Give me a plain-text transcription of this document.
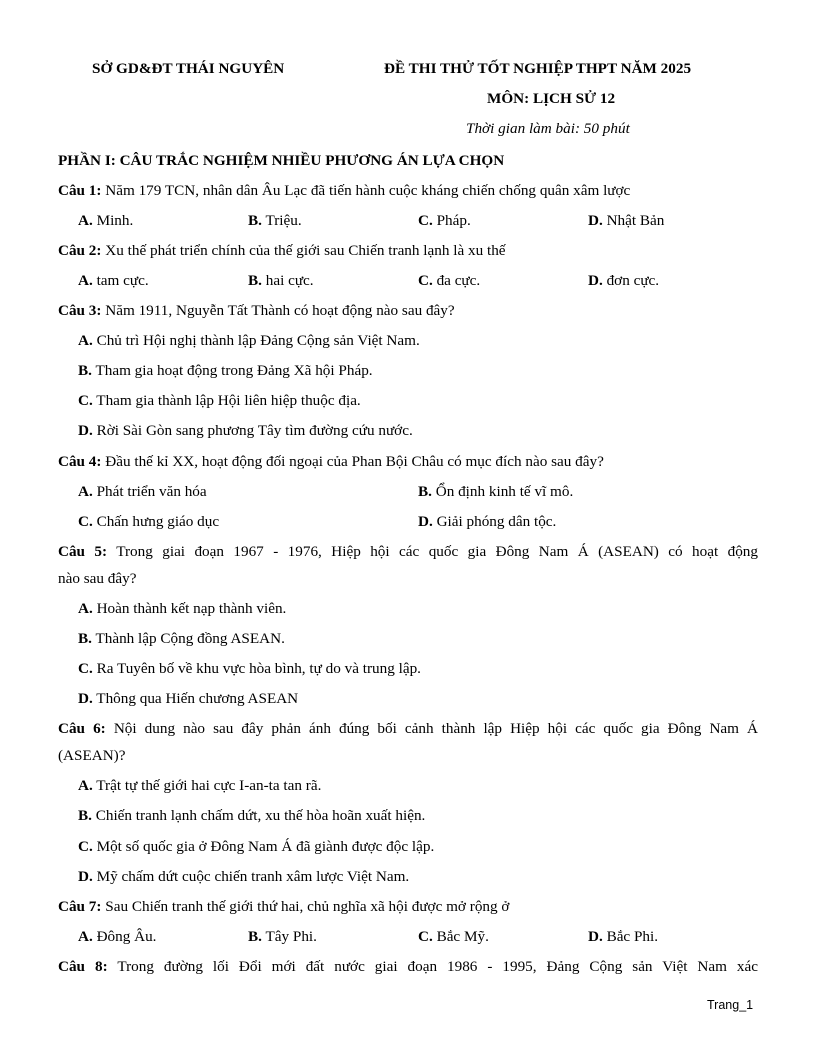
SỞ GD&ĐT THÁI NGUYÊN	ĐỀ THI THỬ TỐT NGHIỆP THPT NĂM 2025
MÔN: LỊCH SỬ 12
Thời gian làm bài: 50 phút
PHẦN I: CÂU TRẮC NGHIỆM NHIỀU PHƯƠNG ÁN LỰA CHỌN
Câu 1: Năm 179 TCN, nhân dân Âu Lạc đã tiến hành cuộc kháng chiến chống quân xâm lược
A. Minh.	B. Triệu.	C. Pháp.	D. Nhật Bản
Câu 2: Xu thế phát triển chính của thế giới sau Chiến tranh lạnh là xu thế
A. tam cực.	B. hai cực.	C. đa cực.	D. đơn cực.
Câu 3: Năm 1911, Nguyễn Tất Thành có hoạt động nào sau đây?
A. Chủ trì Hội nghị thành lập Đảng Cộng sản Việt Nam.
B. Tham gia hoạt động trong Đảng Xã hội Pháp.
C. Tham gia thành lập Hội liên hiệp thuộc địa.
D. Rời Sài Gòn sang phương Tây tìm đường cứu nước.
Câu 4: Đầu thế kỉ XX, hoạt động đối ngoại của Phan Bội Châu có mục đích nào sau đây?
A. Phát triển văn hóa	B. Ổn định kinh tế vĩ mô.
C. Chấn hưng giáo dục	D. Giải phóng dân tộc.
Câu 5: Trong giai đoạn 1967 - 1976, Hiệp hội các quốc gia Đông Nam Á (ASEAN) có hoạt động
nào sau đây?
A. Hoàn thành kết nạp thành viên.
B. Thành lập Cộng đồng ASEAN.
C. Ra Tuyên bố về khu vực hòa bình, tự do và trung lập.
D. Thông qua Hiến chương ASEAN
Câu 6: Nội dung nào sau đây phản ánh đúng bối cảnh thành lập Hiệp hội các quốc gia Đông Nam Á
(ASEAN)?
A. Trật tự thế giới hai cực I-an-ta tan rã.
B. Chiến tranh lạnh chấm dứt, xu thế hòa hoãn xuất hiện.
C. Một số quốc gia ở Đông Nam Á đã giành được độc lập.
D. Mỹ chấm dứt cuộc chiến tranh xâm lược Việt Nam.
Câu 7: Sau Chiến tranh thế giới thứ hai, chủ nghĩa xã hội được mở rộng ở
A. Đông Âu.	B. Tây Phi.	C. Bắc Mỹ.	D. Bắc Phi.
Câu 8: Trong đường lối Đổi mới đất nước giai đoạn 1986 - 1995, Đảng Cộng sản Việt Nam xác
Trang_1
